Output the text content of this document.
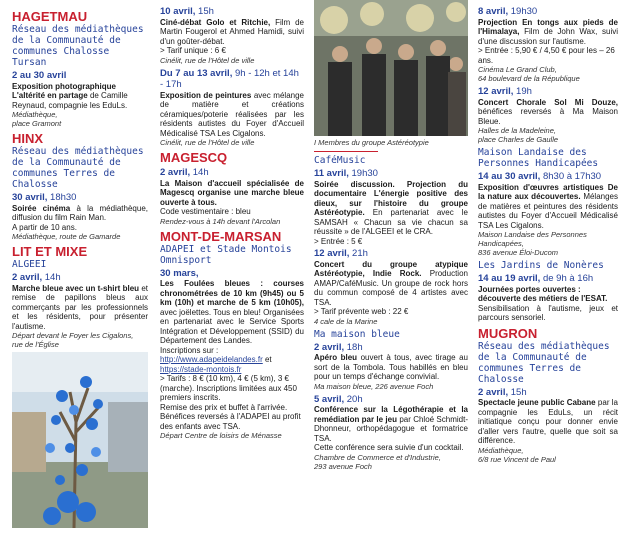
HAGETMAU
Réseau des médiathèques de la Communauté de communes Chalosse Tursan
2 au 30 avril
Exposition photographique L'altérité en partage de Camille Reynaud, compagnie les EduLs.
Médiathèque,
place Gramont
HINX
Réseau des médiathèques de la Communauté de communes Terres de Chalosse
30 avril, 18h30
Soirée cinéma à la médiathèque, diffusion du film Rain Man.
A partir de 10 ans.
Médiathèque, route de Gamarde
LIT ET MIXE
ALGEEI
2 avril, 14h
Marche bleue avec un t-shirt bleu et remise de papillons bleus aux commerçants par les professionnels et les résidents, pour présenter l'autisme.
Départ devant le Foyer les Cigalons,
rue de l'Église
10 avril, 15h
Ciné-débat Golo et Ritchie, Film de Martin Fougerol et Ahmed Hamidi, suivi d'un goûter-débat.
> Tarif unique : 6 €
Cinélit, rue de l'Hôtel de ville
Du 7 au 13 avril, 9h - 12h et 14h - 17h
Exposition de peintures avec mélange de matière et créations céramiques/poterie réalisées par les résidents autistes du Foyer d'Accueil Médicalisé TSA Les Cigalons.
Cinélit, rue de l'Hôtel de ville
MAGESCQ
2 avril, 14h
La Maison d'accueil spécialisée de Magescq organise une marche bleue ouverte à tous.
Code vestimentaire : bleu
Rendez-vous à 14h devant l'Arcolan
MONT-DE-MARSAN
ADAPEI et Stade Montois Omnisport
30 mars,
Les Foulées bleues : courses chronométrées de 10 km (9h45) ou 5 km (10h) et marche de 5 km (10h05), avec joëlettes. Tous en bleu! Organisées en partenariat avec le Service Sports Intégration et Développement (SSID) du Département des Landes.
Inscriptions sur :
http://www.adapeidelandes.fr et
https://stade-montois.fr
> Tarifs : 8 € (10 km), 4 € (5 km), 3 € (marche). Inscriptions limitées aux 450 premiers inscrits.
Remise des prix et buffet à l'arrivée. Bénéfices reversés à l'ADAPEI au profit des enfants avec TSA.
Départ Centre de loisirs de Ménasse
I Membres du groupe Astéréotypie
CaféMusic
11 avril, 19h30
Soirée discussion. Projection du documentaire L'énergie positive des dieux, sur l'histoire du groupe Astéréotypie. En partenariat avec le SAMSAH « Chacun sa vie chacun sa réussite » de l'ALGEEI et le CRA.
> Entrée : 5 €
12 avril, 21h
Concert du groupe atypique Astéréotypie, Indie Rock. Production AMAP/CaféMusic. Un groupe de rock hors du commun composé de 4 artistes avec TSA.
> Tarif prévente web : 22 €
4 cale de la Marine
Ma maison bleue
2 avril, 18h
Apéro bleu ouvert à tous, avec tirage au sort de la Tombola. Tous habillés en bleu pour un temps d'échange convivial.
Ma maison bleue, 226 avenue Foch
5 avril, 20h
Conférence sur la Légothérapie et la remédiation par le jeu par Chloé Schmidt-Dhonneur, orthopédagogue et formatrice TSA.
Cette conférence sera suivie d'un cocktail.
Chambre de Commerce et d'Industrie,
293 avenue Foch
8 avril, 19h30
Projection En tongs aux pieds de l'Himalaya, Film de John Wax, suivi d'une discussion sur l'autisme.
> Entrée : 5,90 € / 4,50 € pour les – 26 ans.
Cinéma Le Grand Club,
64 boulevard de la République
12 avril, 19h
Concert Chorale Sol Mi Douze, bénéfices reversés à Ma Maison Bleue.
Halles de la Madeleine,
place Charles de Gaulle
Maison Landaise des Personnes Handicapées
14 au 30 avril, 8h30 à 17h30
Exposition d'œuvres artistiques De la nature aux découvertes. Mélanges de matières et peintures des résidents autistes du Foyer d'Accueil Médicalisé TSA Les Cigalons.
Maison Landaise des Personnes Handicapées,
836 avenue Éloi-Ducom
Les Jardins de Nonères
14 au 19 avril, de 9h à 16h
Journées portes ouvertes : découverte des métiers de l'ESAT.
Sensibilisation à l'autisme, jeux et parcours sensoriel.
MUGRON
Réseau des médiathèques de la Communauté de communes Terres de Chalosse
2 avril, 15h
Spectacle jeune public Cabane par la compagnie les EduLs, un récit initiatique conçu pour donner envie d'aller vers l'autre, quelle que soit sa différence.
Médiathèque,
6/8 rue Vincent de Paul
